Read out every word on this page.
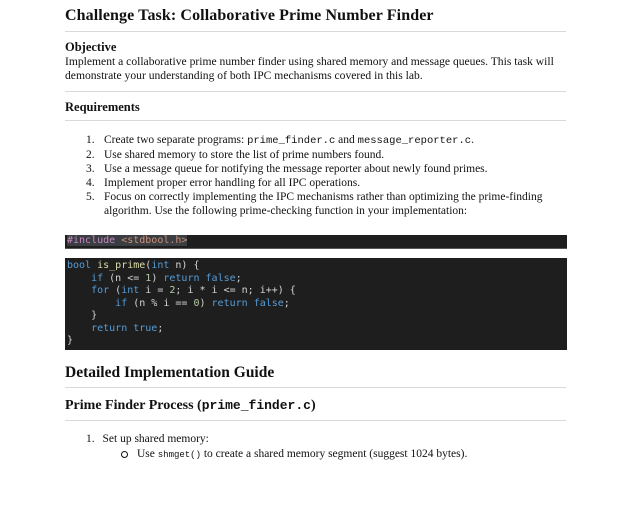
Challenge Task: Collaborative Prime Number Finder
Objective
Implement a collaborative prime number finder using shared memory and message queues. This task will demonstrate your understanding of both IPC mechanisms covered in this lab.
Requirements
1. Create two separate programs: prime_finder.c and message_reporter.c.
2. Use shared memory to store the list of prime numbers found.
3. Use a message queue for notifying the message reporter about newly found primes.
4. Implement proper error handling for all IPC operations.
5. Focus on correctly implementing the IPC mechanisms rather than optimizing the prime-finding algorithm. Use the following prime-checking function in your implementation:
#include <stdbool.h>
bool is_prime(int n) {
if (n <= 1) return false;
for (int i = 2; i * i <= n; i++) {
if (n % i == 0) return false;
}
return true;
}
Detailed Implementation Guide
Prime Finder Process (prime_finder.c)
1. Set up shared memory:
Use shmget() to create a shared memory segment (suggest 1024 bytes).
